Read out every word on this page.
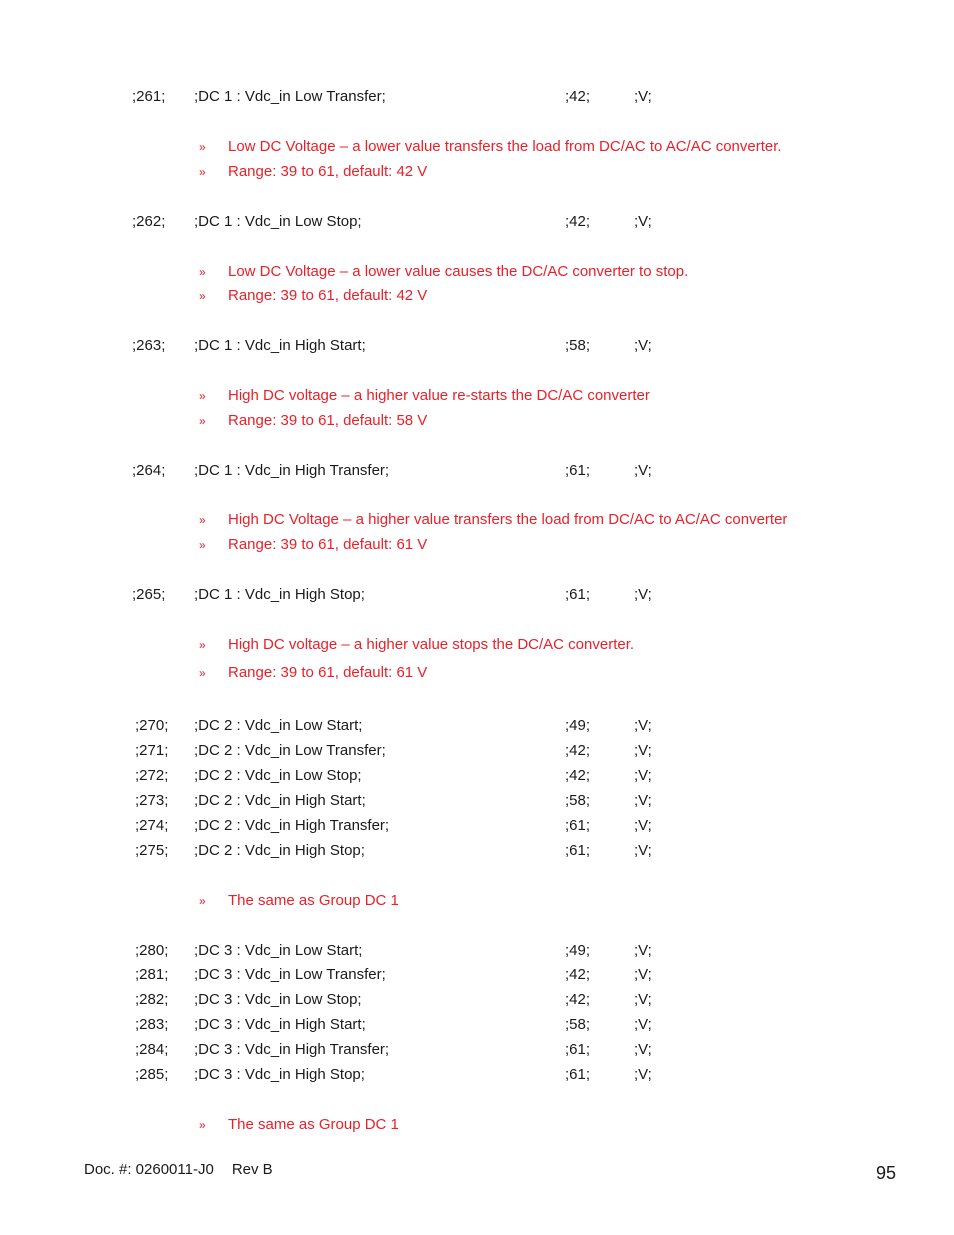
;261; ;DC 1 : Vdc_in Low Transfer;	;42;	;V;
» Low DC Voltage – a lower value transfers the load from DC/AC to AC/AC converter.
» Range: 39 to 61, default: 42 V
;262; ;DC 1 : Vdc_in Low Stop;	;42;	;V;
» Low DC Voltage – a lower value causes the DC/AC converter to stop.
» Range: 39 to 61, default: 42 V
;263; ;DC 1 : Vdc_in High Start;	;58;	;V;
» High DC voltage – a higher value re-starts the DC/AC converter
» Range: 39 to 61, default: 58 V
;264; ;DC 1 : Vdc_in High Transfer;	;61;	;V;
» High DC Voltage – a higher value transfers the load from DC/AC to AC/AC converter
» Range: 39 to 61, default: 61 V
;265; ;DC 1 : Vdc_in High Stop;	;61;	;V;
» High DC voltage – a higher value stops the DC/AC converter.
» Range: 39 to 61, default: 61 V
;270; ;DC 2 : Vdc_in Low Start;	;49;	;V;
;271; ;DC 2 : Vdc_in Low Transfer;	;42;	;V;
;272; ;DC 2 : Vdc_in Low Stop;	;42;	;V;
;273; ;DC 2 : Vdc_in High Start;	;58;	;V;
;274; ;DC 2 : Vdc_in High Transfer;	;61;	;V;
;275; ;DC 2 : Vdc_in High Stop;	;61;	;V;
» The same as Group DC 1
;280; ;DC 3 : Vdc_in Low Start;	;49;	;V;
;281; ;DC 3 : Vdc_in Low Transfer;	;42;	;V;
;282; ;DC 3 : Vdc_in Low Stop;	;42;	;V;
;283; ;DC 3 : Vdc_in High Start;	;58;	;V;
;284; ;DC 3 : Vdc_in High Transfer;	;61;	;V;
;285; ;DC 3 : Vdc_in High Stop;	;61;	;V;
» The same as Group DC 1
Doc. #: 0260011-J0 Rev B	95
